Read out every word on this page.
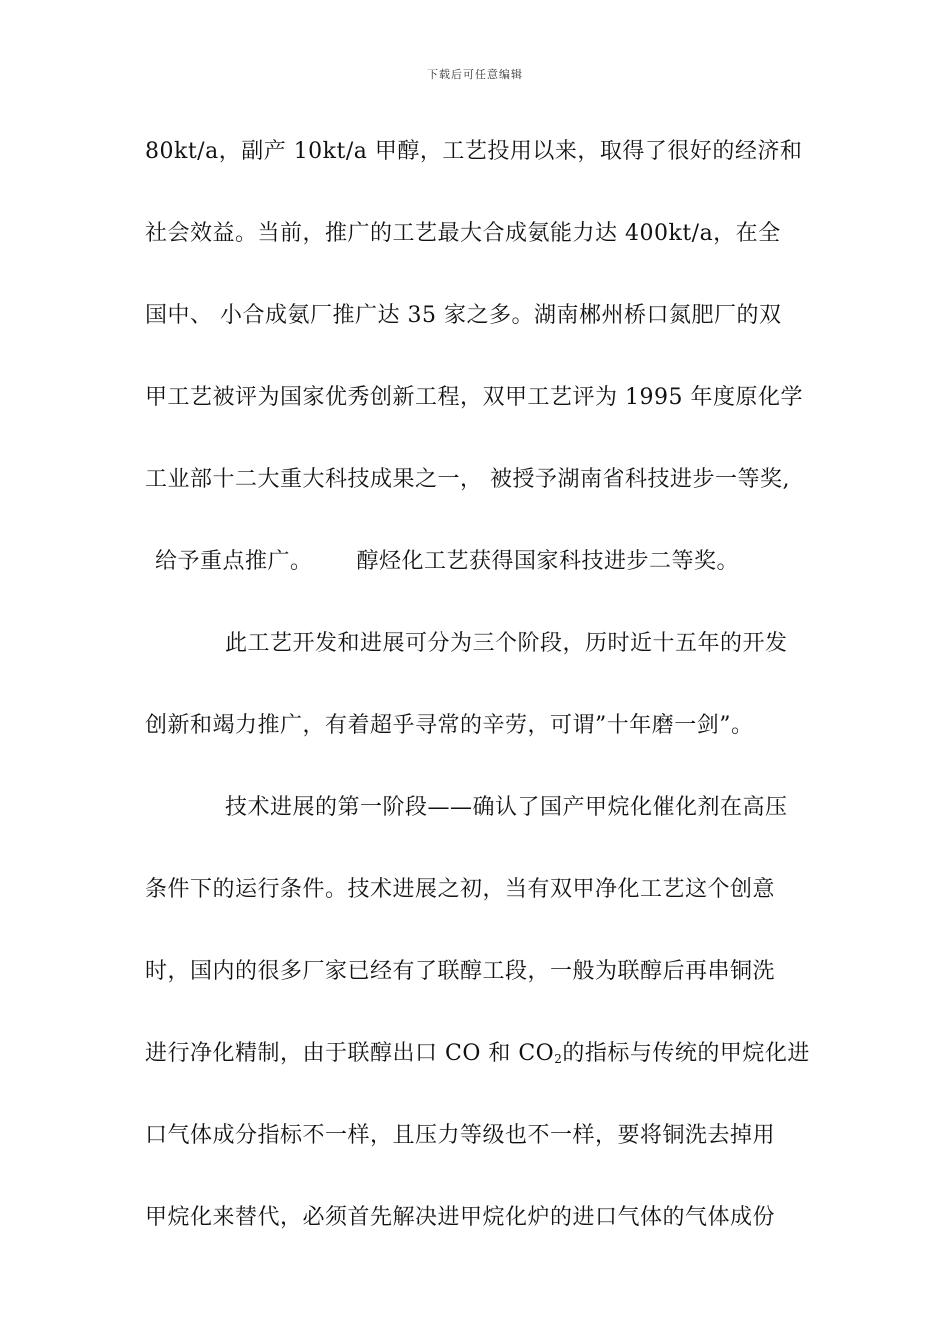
下载后可任意编辑
80kt/a，副产 10kt/a 甲醇，工艺投用以来，取得了很好的经济和
社会效益。当前，推广的工艺最大合成氨能力达 400kt/a，在全
国中、 小合成氨厂推广达 35 家之多。湖南郴州桥口氮肥厂的双
甲工艺被评为国家优秀创新工程，双甲工艺评为 1995 年度原化学
工业部十二大重大科技成果之一， 被授予湖南省科技进步一等奖,
给予重点推广。 醇烃化工艺获得国家科技进步二等奖。
此工艺开发和进展可分为三个阶段，历时近十五年的开发
创新和竭力推广，有着超乎寻常的辛劳，可谓”十年磨一剑”。
技术进展的第一阶段——确认了国产甲烷化催化剂在高压
条件下的运行条件。技术进展之初，当有双甲净化工艺这个创意
时，国内的很多厂家已经有了联醇工段，一般为联醇后再串铜洗
进行净化精制，由于联醇出口 CO 和 $CO_2$的指标与传统的甲烷化进
口气体成分指标不一样，且压力等级也不一样，要将铜洗去掉用
甲烷化来替代，必须首先解决进甲烷化炉的进口气体的气体成份
